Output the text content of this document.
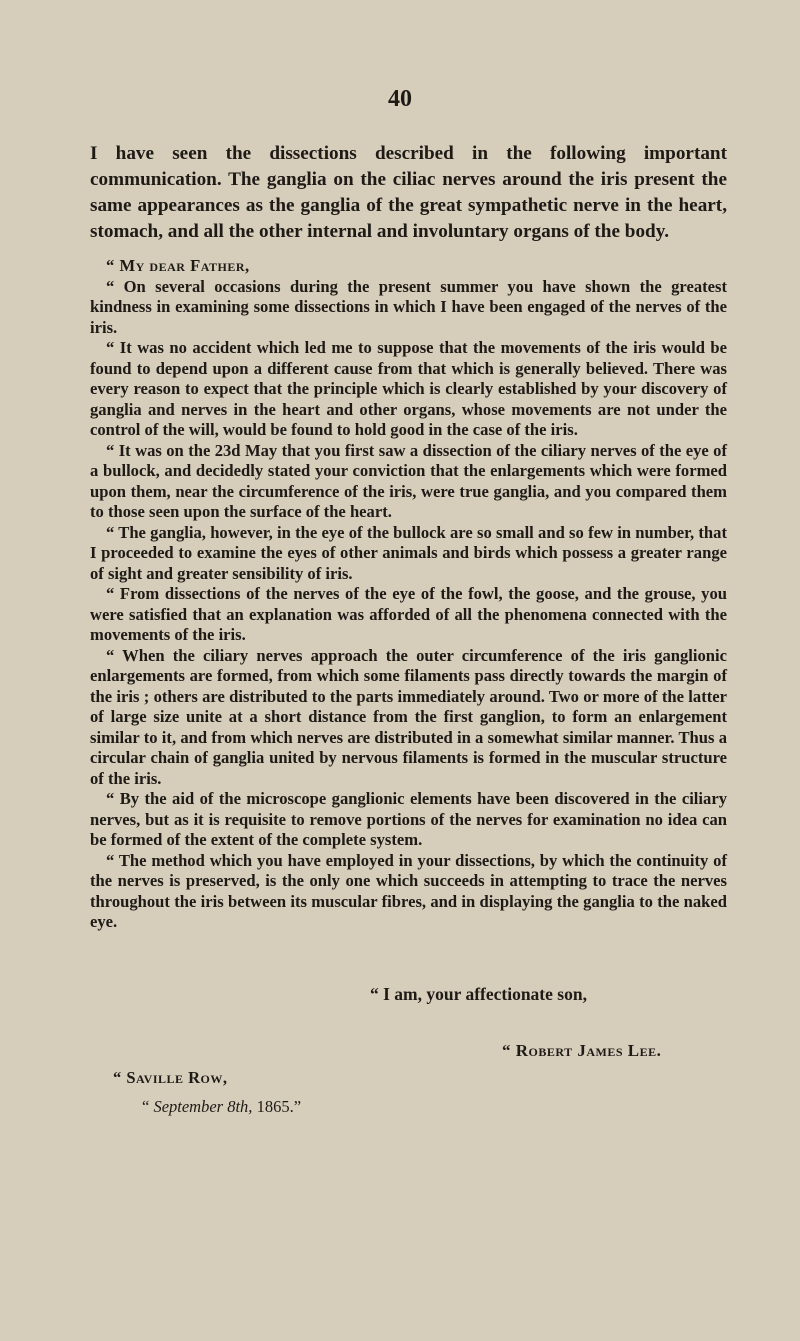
40

I have seen the dissections described in the following important communication. The ganglia on the ciliac nerves around the iris present the same appearances as the ganglia of the great sympathetic nerve in the heart, stomach, and all the other internal and involuntary organs of the body.

“ My dear Father,

“ On several occasions during the present summer you have shown the greatest kindness in examining some dissections in which I have been engaged of the nerves of the iris.

“ It was no accident which led me to suppose that the movements of the iris would be found to depend upon a different cause from that which is generally believed. There was every reason to expect that the principle which is clearly established by your discovery of ganglia and nerves in the heart and other organs, whose movements are not under the control of the will, would be found to hold good in the case of the iris.

“ It was on the 23d May that you first saw a dissection of the ciliary nerves of the eye of a bullock, and decidedly stated your conviction that the enlargements which were formed upon them, near the circumference of the iris, were true ganglia, and you compared them to those seen upon the surface of the heart.

“ The ganglia, however, in the eye of the bullock are so small and so few in number, that I proceeded to examine the eyes of other animals and birds which possess a greater range of sight and greater sensibility of iris.

“ From dissections of the nerves of the eye of the fowl, the goose, and the grouse, you were satisfied that an explanation was afforded of all the phenomena connected with the movements of the iris.

“ When the ciliary nerves approach the outer circumference of the iris ganglionic enlargements are formed, from which some filaments pass directly towards the margin of the iris ; others are distributed to the parts immediately around. Two or more of the latter of large size unite at a short distance from the first ganglion, to form an enlargement similar to it, and from which nerves are distributed in a somewhat similar manner. Thus a circular chain of ganglia united by nervous filaments is formed in the muscular structure of the iris.

“ By the aid of the microscope ganglionic elements have been discovered in the ciliary nerves, but as it is requisite to remove portions of the nerves for examination no idea can be formed of the extent of the complete system.

“ The method which you have employed in your dissections, by which the continuity of the nerves is preserved, is the only one which succeeds in attempting to trace the nerves throughout the iris between its muscular fibres, and in displaying the ganglia to the naked eye.

“ I am, your affectionate son,
“ Robert James Lee.
“ Saville Row,
“ September 8th, 1865.”
